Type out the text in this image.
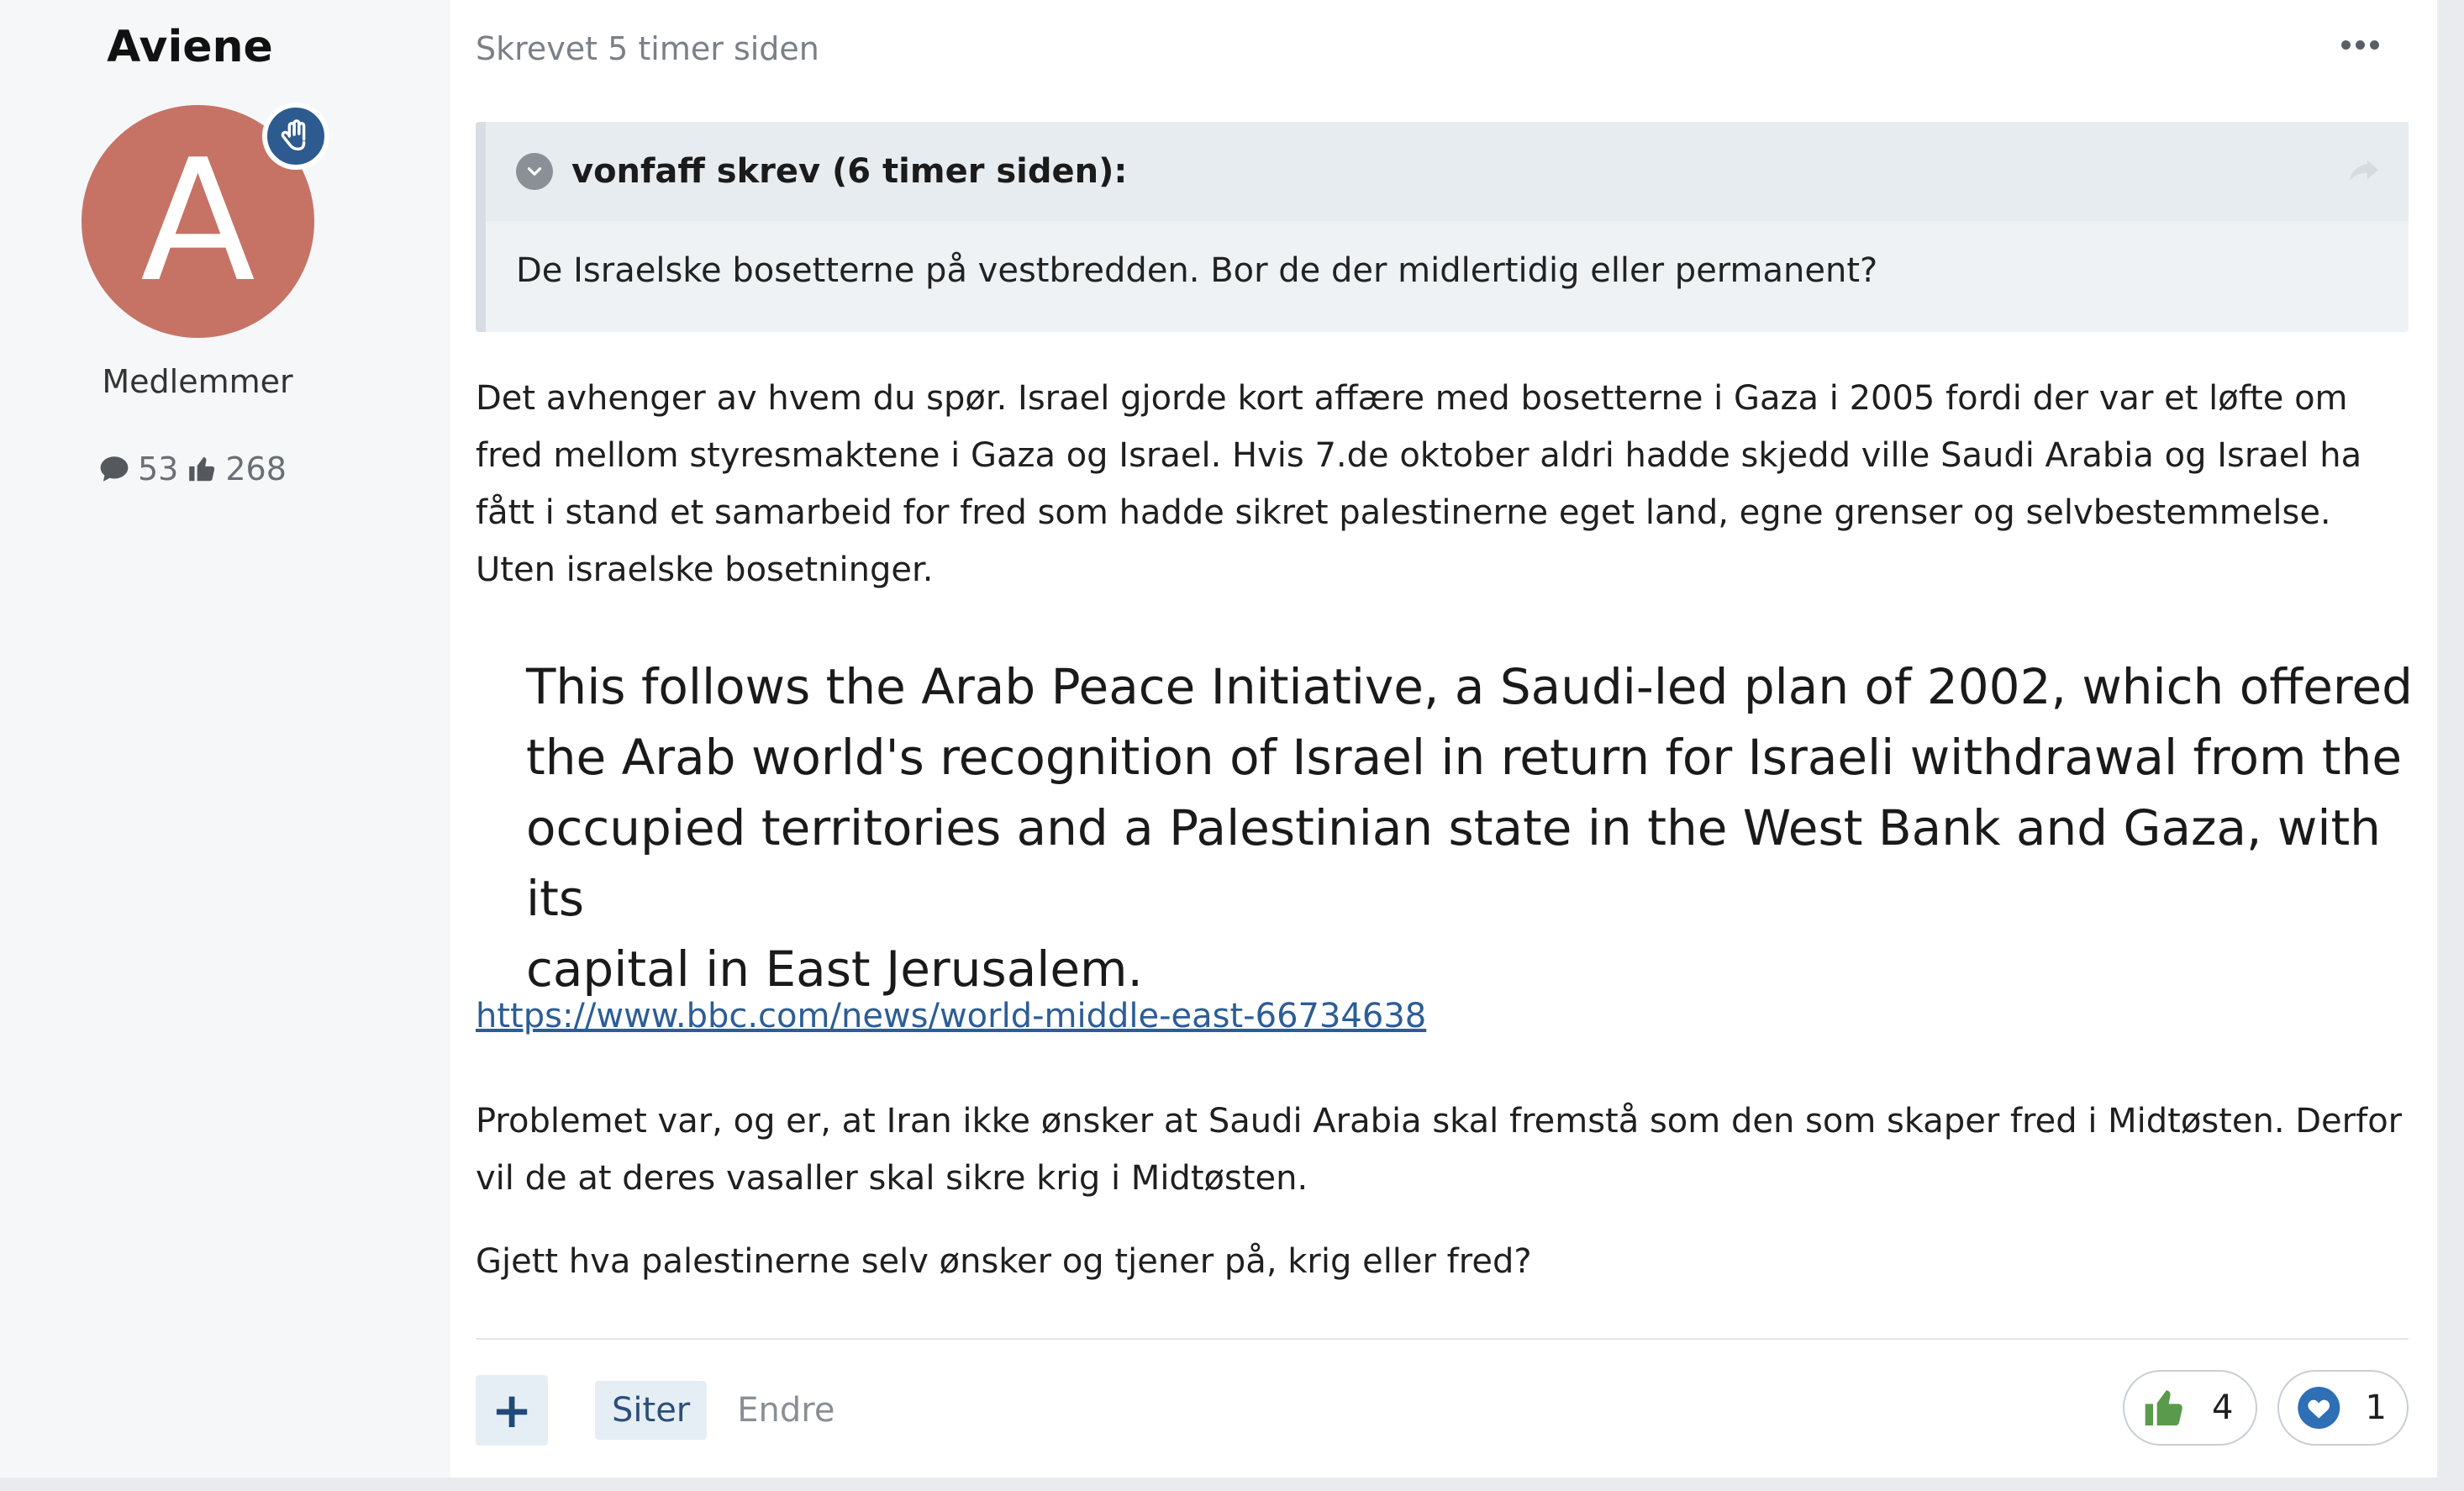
Aviene
A
Medlemmer
53 268
Skrevet 5 timer siden
vonfaff skrev (6 timer siden):
De Israelske bosetterne på vestbredden. Bor de der midlertidig eller permanent?

Det avhenger av hvem du spør. Israel gjorde kort affære med bosetterne i Gaza i 2005 fordi der var et løfte om

fred mellom styresmaktene i Gaza og Israel. Hvis 7.de oktober aldri hadde skjedd ville Saudi Arabia og Israel ha

fått i stand et samarbeid for fred som hadde sikret palestinerne eget land, egne grenser og selvbestemmelse.

Uten israelske bosetninger.

This follows the Arab Peace Initiative, a Saudi-led plan of 2002, which offered
the Arab world's recognition of Israel in return for Israeli withdrawal from the
occupied territories and a Palestinian state in the West Bank and Gaza, with its
capital in East Jerusalem.
https://www.bbc.com/news/world-middle-east-66734638

Problemet var, og er, at Iran ikke ønsker at Saudi Arabia skal fremstå som den som skaper fred i Midtøsten. Derfor

vil de at deres vasaller skal sikre krig i Midtøsten.

Gjett hva palestinerne selv ønsker og tjener på, krig eller fred?
+	Siter	Endre	4	1
